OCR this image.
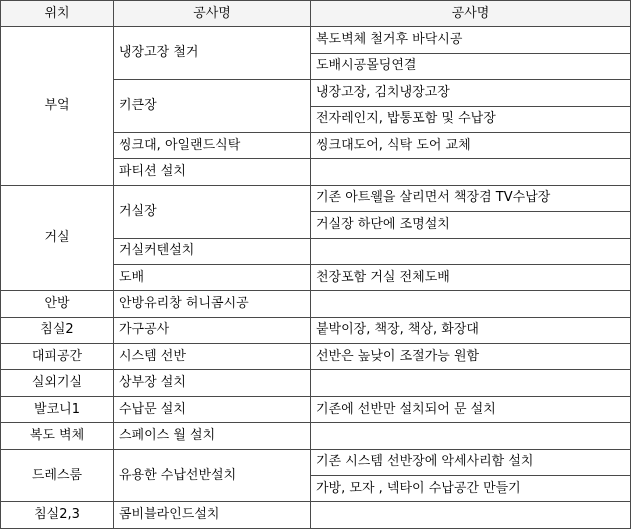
위치	공사명	공사명
부엌	냉장고장 철거	복도벽체 철거후 바닥시공
		도배시공몰딩연결
	키큰장	냉장고장, 김치냉장고장
		전자레인지, 밥통포함 및 수납장
	씽크대, 아일랜드식탁	씽크대도어, 식탁 도어 교체
	파티션 설치	
거실	거실장	기존 아트웰을 살리면서 책장겸 TV수납장
		거실장 하단에 조명설치
	거실커텐설치	
	도배	천장포함 거실 전체도배
안방	안방유리창 허니콤시공	
침실2	가구공사	붙박이장, 책장, 책상, 화장대
대피공간	시스템 선반	선반은 높낮이 조절가능 원함
실외기실	상부장 설치	
발코니1	수납문 설치	기존에 선반만 설치되어 문 설치
복도 벽체	스페이스 월 설치	
드레스룸	유용한 수납선반설치	기존 시스템 선반장에 악세사리함 설치
		가방, 모자 , 넥타이 수납공간 만들기
침실2,3	콤비블라인드설치	
